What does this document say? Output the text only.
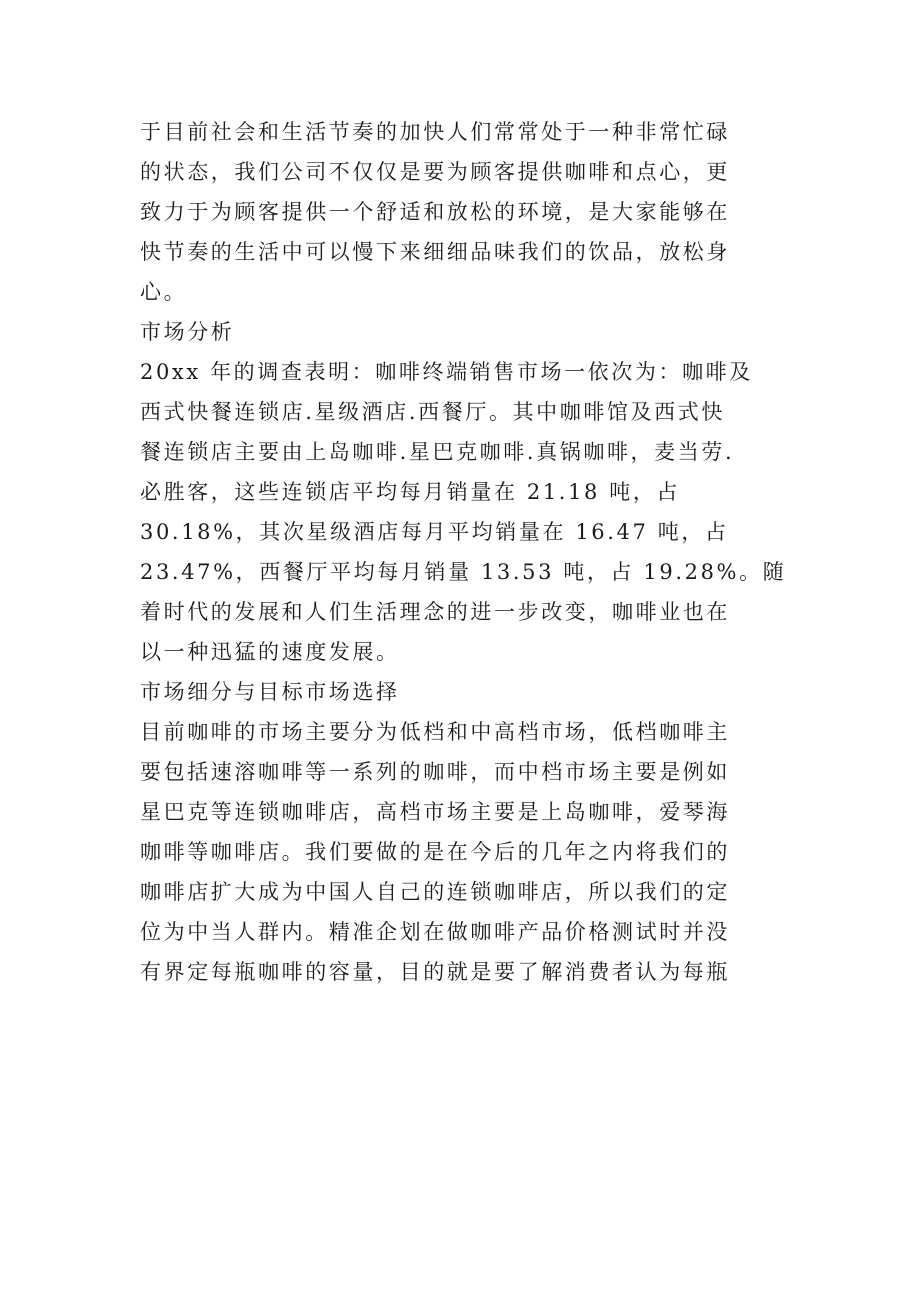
于目前社会和生活节奏的加快人们常常处于一种非常忙碌
的状态，我们公司不仅仅是要为顾客提供咖啡和点心，更
致力于为顾客提供一个舒适和放松的环境，是大家能够在
快节奏的生活中可以慢下来细细品味我们的饮品，放松身
心。
市场分析
20xx 年的调查表明：咖啡终端销售市场一依次为：咖啡及
西式快餐连锁店.星级酒店.西餐厅。其中咖啡馆及西式快
餐连锁店主要由上岛咖啡.星巴克咖啡.真锅咖啡，麦当劳.
必胜客，这些连锁店平均每月销量在 21.18 吨，占
30.18%，其次星级酒店每月平均销量在 16.47 吨，占
23.47%，西餐厅平均每月销量 13.53 吨，占 19.28%。随
着时代的发展和人们生活理念的进一步改变，咖啡业也在
以一种迅猛的速度发展。
市场细分与目标市场选择
目前咖啡的市场主要分为低档和中高档市场，低档咖啡主
要包括速溶咖啡等一系列的咖啡，而中档市场主要是例如
星巴克等连锁咖啡店，高档市场主要是上岛咖啡，爱琴海
咖啡等咖啡店。我们要做的是在今后的几年之内将我们的
咖啡店扩大成为中国人自己的连锁咖啡店，所以我们的定
位为中当人群内。精准企划在做咖啡产品价格测试时并没
有界定每瓶咖啡的容量，目的就是要了解消费者认为每瓶
